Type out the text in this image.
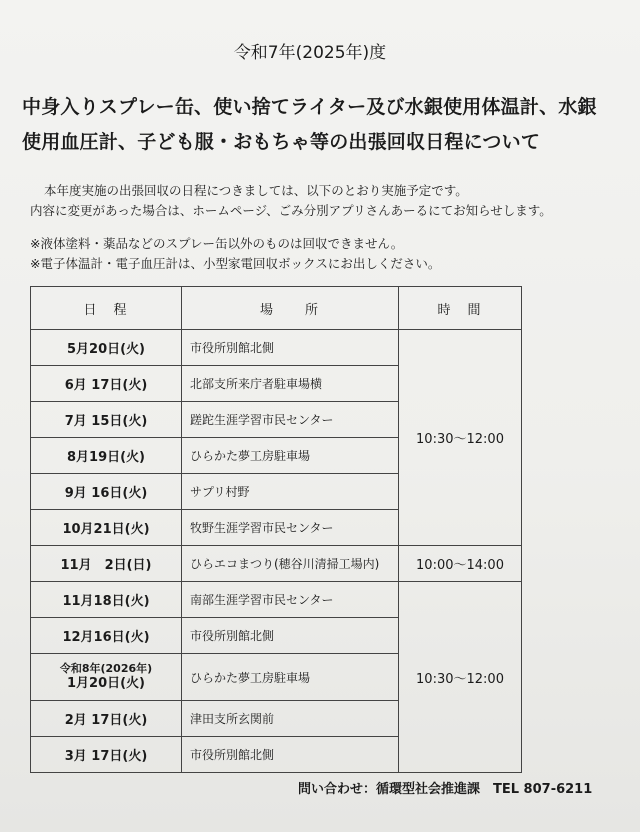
令和7年(2025年)度
中身入りスプレー缶、使い捨てライター及び水銀使用体温計、水銀
使用血圧計、子ども服・おもちゃ等の出張回収日程について
本年度実施の出張回収の日程につきましては、以下のとおり実施予定です。
内容に変更があった場合は、ホームページ、ごみ分別アプリさんあーるにてお知らせします。
※液体塗料・薬品などのスプレー缶以外のものは回収できません。
※電子体温計・電子血圧計は、小型家電回収ボックスにお出しください。
日　程	場　　所	時　間
5月20日(火)	市役所別館北側	10:30～12:00
6月 17日(火)	北部支所来庁者駐車場横	
7月 15日(火)	蹉跎生涯学習市民センター	
8月19日(火)	ひらかた夢工房駐車場	
9月 16日(火)	サプリ村野	
10月21日(火)	牧野生涯学習市民センター	
11月　2日(日)	ひらエコまつり(穂谷川清掃工場内)	10:00～14:00
11月18日(火)	南部生涯学習市民センター	10:30～12:00
12月16日(火)	市役所別館北側	

令和8年(2026年)
1月20日(火)	ひらかた夢工房駐車場	
2月 17日(火)	津田支所玄関前	
3月 17日(火)	市役所別館北側	
問い合わせ：循環型社会推進課　TEL 807-6211
